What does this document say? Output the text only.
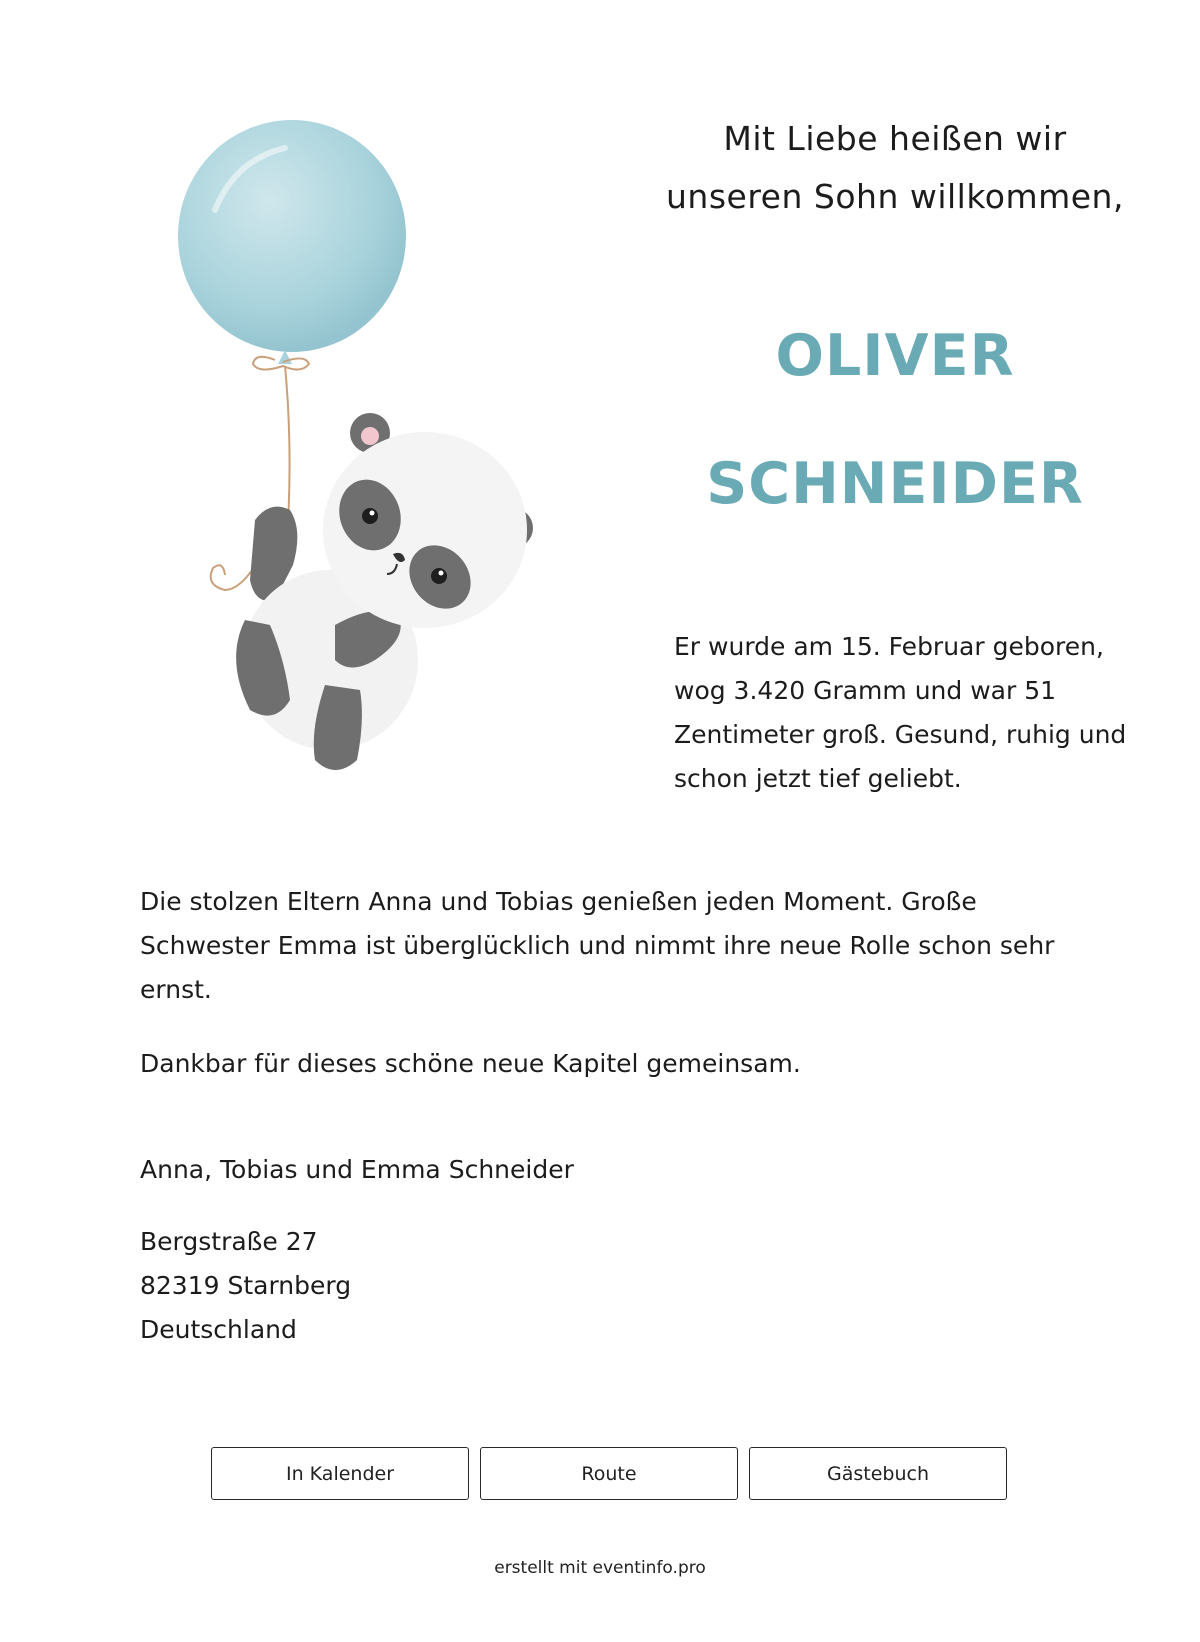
Mit Liebe heißen wir
unseren Sohn willkommen,

oliver
schneider

Er wurde am 15. Februar geboren, wog 3.420 Gramm und war 51 Zentimeter groß. Gesund, ruhig und schon jetzt tief geliebt.

Die stolzen Eltern Anna und Tobias genießen jeden Moment. Große Schwester Emma ist überglücklich und nimmt ihre neue Rolle schon sehr ernst.

Dankbar für dieses schöne neue Kapitel gemeinsam.

Anna, Tobias und Emma Schneider

Bergstraße 27
82319 Starnberg
Deutschland

In Kalender	Route	Gästebuch
erstellt mit eventinfo.pro
